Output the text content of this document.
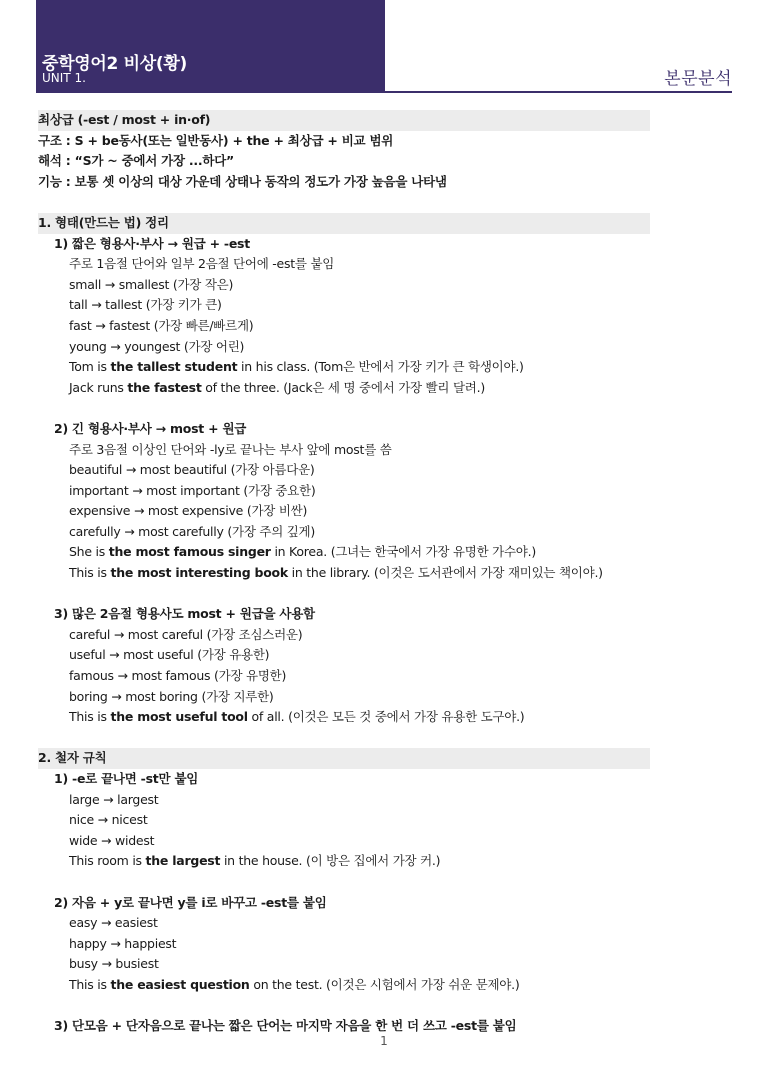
중학영어2 비상(황)
UNIT 1.	본문분석
최상급 (-est / most + in·of)
구조 : S + be동사(또는 일반동사) + the + 최상급 + 비교 범위
해석 : “S가 ~ 중에서 가장 ...하다”
기능 : 보통 셋 이상의 대상 가운데 상태나 동작의 정도가 가장 높음을 나타냄
1. 형태(만드는 법) 정리
1) 짧은 형용사·부사 → 원급 + -est
주로 1음절 단어와 일부 2음절 단어에 -est를 붙임
small → smallest (가장 작은)
tall → tallest (가장 키가 큰)
fast → fastest (가장 빠른/빠르게)
young → youngest (가장 어린)
Tom is the tallest student in his class. (Tom은 반에서 가장 키가 큰 학생이야.)
Jack runs the fastest of the three. (Jack은 세 명 중에서 가장 빨리 달려.)
2) 긴 형용사·부사 → most + 원급
주로 3음절 이상인 단어와 -ly로 끝나는 부사 앞에 most를 씀
beautiful → most beautiful (가장 아름다운)
important → most important (가장 중요한)
expensive → most expensive (가장 비싼)
carefully → most carefully (가장 주의 깊게)
She is the most famous singer in Korea. (그녀는 한국에서 가장 유명한 가수야.)
This is the most interesting book in the library. (이것은 도서관에서 가장 재미있는 책이야.)
3) 많은 2음절 형용사도 most + 원급을 사용함
careful → most careful (가장 조심스러운)
useful → most useful (가장 유용한)
famous → most famous (가장 유명한)
boring → most boring (가장 지루한)
This is the most useful tool of all. (이것은 모든 것 중에서 가장 유용한 도구야.)
2. 철자 규칙
1) -e로 끝나면 -st만 붙임
large → largest
nice → nicest
wide → widest
This room is the largest in the house. (이 방은 집에서 가장 커.)
2) 자음 + y로 끝나면 y를 i로 바꾸고 -est를 붙임
easy → easiest
happy → happiest
busy → busiest
This is the easiest question on the test. (이것은 시험에서 가장 쉬운 문제야.)
3) 단모음 + 단자음으로 끝나는 짧은 단어는 마지막 자음을 한 번 더 쓰고 -est를 붙임
1
